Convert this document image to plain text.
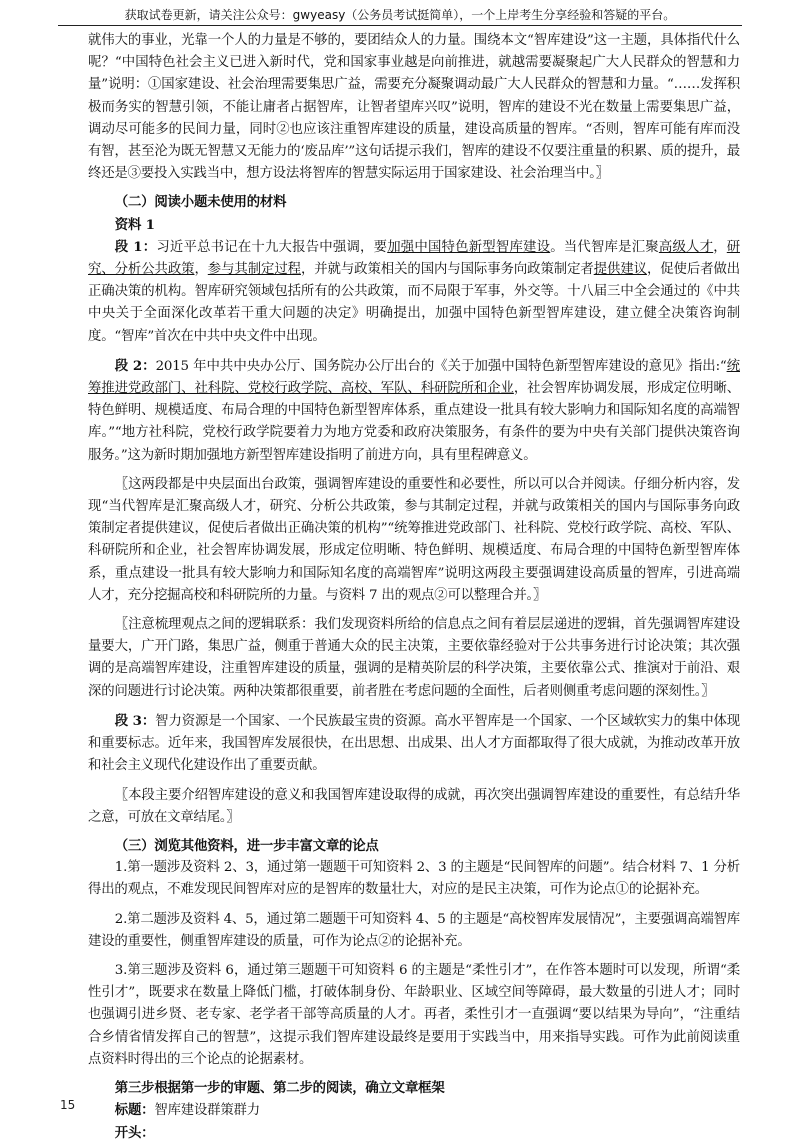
获取试卷更新，请关注公众号：gwyeasy（公务员考试挺简单），一个上岸考生分享经验和答疑的平台。

就伟大的事业，光靠一个人的力量是不够的，要团结众人的力量。围绕本文“智库建设”这一主题，具体指代什么呢？“中国特色社会主义已进入新时代，党和国家事业越是向前推进，就越需要凝聚起广大人民群众的智慧和力量”说明：①国家建设、社会治理需要集思广益，需要充分凝聚调动最广大人民群众的智慧和力量。“……发挥积极而务实的智慧引领，不能让庸者占据智库，让智者望库兴叹”说明，智库的建设不光在数量上需要集思广益，调动尽可能多的民间力量，同时②也应该注重智库建设的质量，建设高质量的智库。“否则，智库可能有库而没有智，甚至沦为既无智慧又无能力的‘废品库’”这句话提示我们，智库的建设不仅要注重量的积累、质的提升，最终还是③要投入实践当中，想方设法将智库的智慧实际运用于国家建设、社会治理当中。〗

（二）阅读小题未使用的材料

资料 1

段 1：习近平总书记在十九大报告中强调，要加强中国特色新型智库建设。当代智库是汇聚高级人才，研究、分析公共政策，参与其制定过程，并就与政策相关的国内与国际事务向政策制定者提供建议，促使后者做出正确决策的机构。智库研究领域包括所有的公共政策，而不局限于军事，外交等。十八届三中全会通过的《中共中央关于全面深化改革若干重大问题的决定》明确提出，加强中国特色新型智库建设，建立健全决策咨询制度。“智库”首次在中共中央文件中出现。

段 2：2015 年中共中央办公厅、国务院办公厅出台的《关于加强中国特色新型智库建设的意见》指出:“统筹推进党政部门、社科院、党校行政学院、高校、军队、科研院所和企业，社会智库协调发展，形成定位明晰、特色鲜明、规模适度、布局合理的中国特色新型智库体系，重点建设一批具有较大影响力和国际知名度的高端智库。”“地方社科院，党校行政学院要着力为地方党委和政府决策服务，有条件的要为中央有关部门提供决策咨询服务。”这为新时期加强地方新型智库建设指明了前进方向，具有里程碑意义。

〖这两段都是中央层面出台政策，强调智库建设的重要性和必要性，所以可以合并阅读。仔细分析内容，发现“当代智库是汇聚高级人才，研究、分析公共政策，参与其制定过程，并就与政策相关的国内与国际事务向政策制定者提供建议，促使后者做出正确决策的机构”“统筹推进党政部门、社科院、党校行政学院、高校、军队、科研院所和企业，社会智库协调发展，形成定位明晰、特色鲜明、规模适度、布局合理的中国特色新型智库体系，重点建设一批具有较大影响力和国际知名度的高端智库”说明这两段主要强调建设高质量的智库，引进高端人才，充分挖掘高校和科研院所的力量。与资料 7 出的观点②可以整理合并。〗

〖注意梳理观点之间的逻辑联系：我们发现资料所给的信息点之间有着层层递进的逻辑，首先强调智库建设量要大，广开门路，集思广益，侧重于普通大众的民主决策，主要依靠经验对于公共事务进行讨论决策；其次强调的是高端智库建设，注重智库建设的质量，强调的是精英阶层的科学决策，主要依靠公式、推演对于前沿、艰深的问题进行讨论决策。两种决策都很重要，前者胜在考虑问题的全面性，后者则侧重考虑问题的深刻性。〗

段 3：智力资源是一个国家、一个民族最宝贵的资源。高水平智库是一个国家、一个区域软实力的集中体现和重要标志。近年来，我国智库发展很快，在出思想、出成果、出人才方面都取得了很大成就，为推动改革开放和社会主义现代化建设作出了重要贡献。

〖本段主要介绍智库建设的意义和我国智库建设取得的成就，再次突出强调智库建设的重要性，有总结升华之意，可放在文章结尾。〗

（三）浏览其他资料，进一步丰富文章的论点

1.第一题涉及资料 2、3，通过第一题题干可知资料 2、3 的主题是“民间智库的问题”。结合材料 7、1 分析得出的观点，不难发现民间智库对应的是智库的数量壮大，对应的是民主决策，可作为论点①的论据补充。

2.第二题涉及资料 4、5，通过第二题题干可知资料 4、5 的主题是“高校智库发展情况”，主要强调高端智库建设的重要性，侧重智库建设的质量，可作为论点②的论据补充。

3.第三题涉及资料 6，通过第三题题干可知资料 6 的主题是“柔性引才”，在作答本题时可以发现，所谓“柔性引才”，既要求在数量上降低门槛，打破体制身份、年龄职业、区域空间等障碍，最大数量的引进人才；同时也强调引进乡贤、老专家、老学者干部等高质量的人才。再者，柔性引才一直强调“要以结果为导向”，“注重结合乡情省情发挥自己的智慧”，这提示我们智库建设最终是要用于实践当中，用来指导实践。可作为此前阅读重点资料时得出的三个论点的论据素材。

第三步根据第一步的审题、第二步的阅读，确立文章框架

标题：智库建设群策群力

开头：

15
